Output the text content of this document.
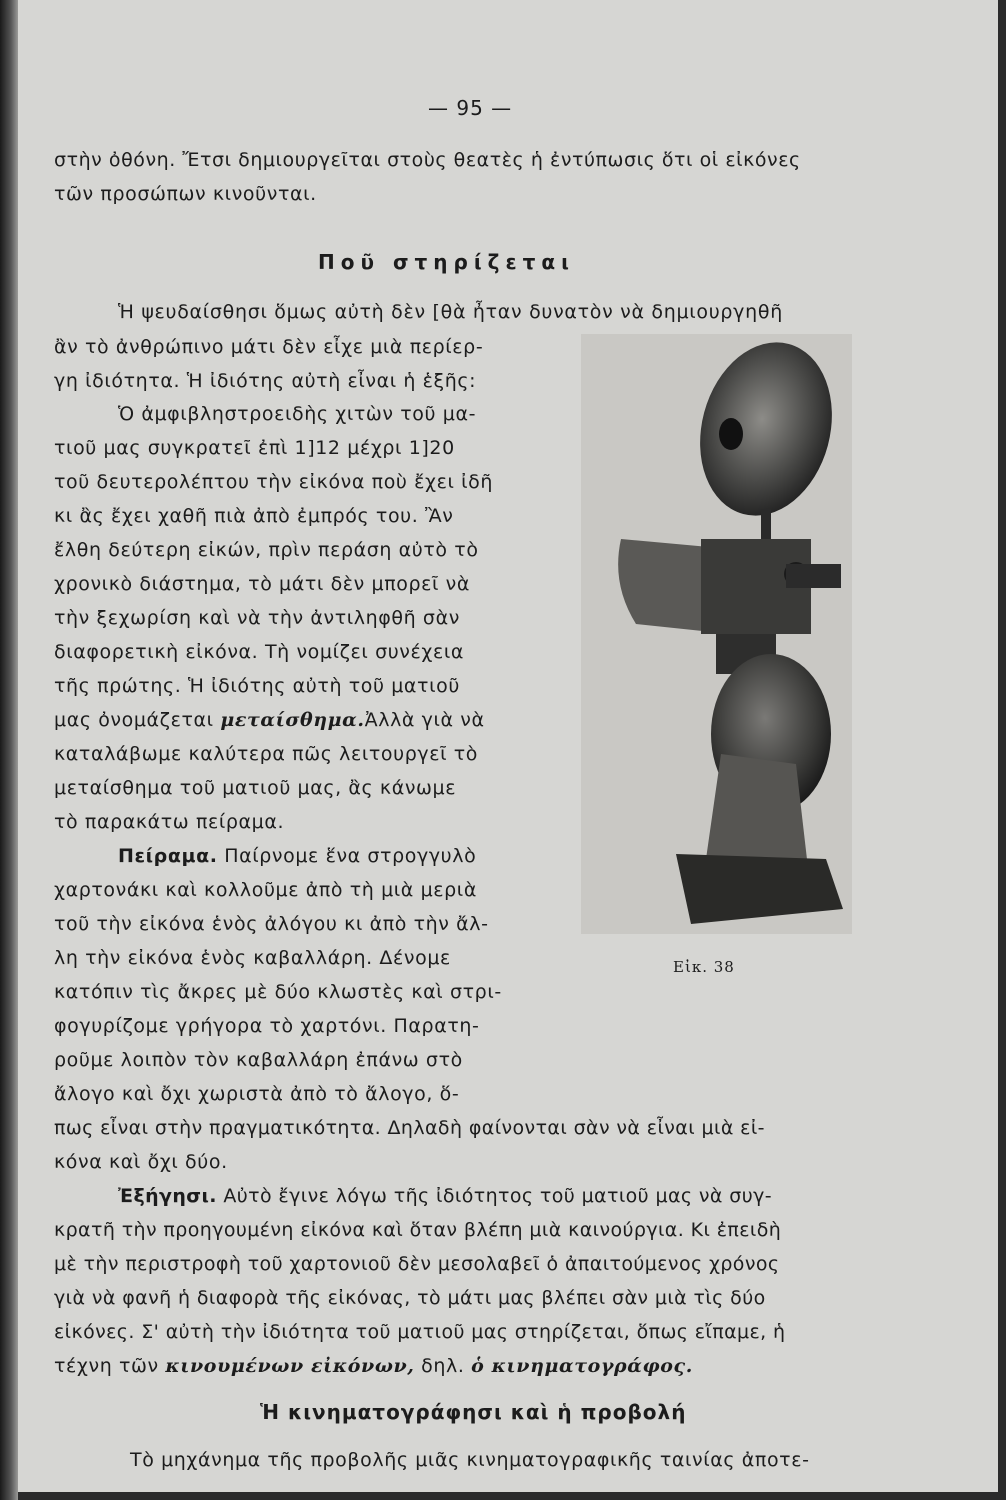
— 95 —
στὴν ὀθόνη. Ἔτσι δημιουργεῖται στοὺς θεατὲς ἡ ἐντύπωσις ὅτι οἱ εἰκόνες
τῶν προσώπων κινοῦνται.
Ποῦ στηρίζεται
Ἡ ψευδαίσθησι ὅμως αὐτὴ δὲν [θὰ ἦταν δυνατὸν νὰ δημιουργηθῆ
ἂν τὸ ἀνθρώπινο μάτι δὲν εἶχε μιὰ περίερ-
γη ἰδιότητα. Ἡ ἰδιότης αὐτὴ εἶναι ἡ ἑξῆς:
Ὁ ἀμφιβληστροειδὴς χιτὼν τοῦ μα-
τιοῦ μας συγκρατεῖ ἐπὶ 1]12 μέχρι 1]20
τοῦ δευτερολέπτου τὴν εἰκόνα ποὺ ἔχει ἰδῆ
κι ἂς ἔχει χαθῆ πιὰ ἀπὸ ἐμπρός του. Ἂν
ἔλθη δεύτερη εἰκών, πρὶν περάση αὐτὸ τὸ
χρονικὸ διάστημα, τὸ μάτι δὲν μπορεῖ νὰ
τὴν ξεχωρίση καὶ νὰ τὴν ἀντιληφθῆ σὰν
διαφορετικὴ εἰκόνα. Τὴ νομίζει συνέχεια
τῆς πρώτης. Ἡ ἰδιότης αὐτὴ τοῦ ματιοῦ
μας ὀνομάζεται μεταίσθημα.Ἀλλὰ γιὰ νὰ
καταλάβωμε καλύτερα πῶς λειτουργεῖ τὸ
μεταίσθημα τοῦ ματιοῦ μας, ἂς κάνωμε
τὸ παρακάτω πείραμα.
Πείραμα. Παίρνομε ἕνα στρογγυλὸ
χαρτονάκι καὶ κολλοῦμε ἀπὸ τὴ μιὰ μεριὰ
τοῦ τὴν εἰκόνα ἑνὸς ἀλόγου κι ἀπὸ τὴν ἄλ-
λη τὴν εἰκόνα ἑνὸς καβαλλάρη. Δένομε
κατόπιν τὶς ἄκρες μὲ δύο κλωστὲς καὶ στρι-
φογυρίζομε γρήγορα τὸ χαρτόνι. Παρατη-
ροῦμε λοιπὸν τὸν καβαλλάρη ἐπάνω στὸ
ἄλογο καὶ ὄχι χωριστὰ ἀπὸ τὸ ἄλογο, ὅ-
πως εἶναι στὴν πραγματικότητα. Δηλαδὴ φαίνονται σὰν νὰ εἶναι μιὰ εἰ-
κόνα καὶ ὄχι δύο.
Ἐξήγησι. Αὐτὸ ἔγινε λόγω τῆς ἰδιότητος τοῦ ματιοῦ μας νὰ συγ-
κρατῆ τὴν προηγουμένη εἰκόνα καὶ ὅταν βλέπη μιὰ καινούργια. Κι ἐπειδὴ
μὲ τὴν περιστροφὴ τοῦ χαρτονιοῦ δὲν μεσολαβεῖ ὁ ἀπαιτούμενος χρόνος
γιὰ νὰ φανῆ ἡ διαφορὰ τῆς εἰκόνας, τὸ μάτι μας βλέπει σὰν μιὰ τὶς δύο
εἰκόνες. Σ' αὐτὴ τὴν ἰδιότητα τοῦ ματιοῦ μας στηρίζεται, ὅπως εἴπαμε, ἡ
τέχνη τῶν κινουμένων εἰκόνων, δηλ. ὁ κινηματογράφος.
Ἡ κινηματογράφησι καὶ ἡ προβολή
Τὸ μηχάνημα τῆς προβολῆς μιᾶς κινηματογραφικῆς ταινίας ἀποτε-
Εἰκ. 38
